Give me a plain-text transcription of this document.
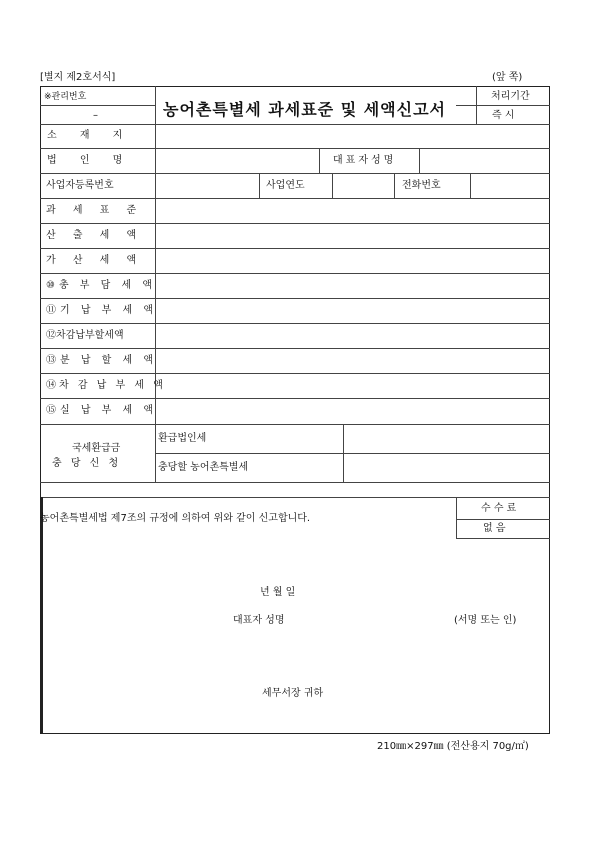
[별지 제2호서식]	(앞 쪽)
※관리번호
–	농어촌특별세 과세표준 및 세액신고서
처리기간
즉 시
소 재 지
법 인 명	대표자성명
사업자등록번호	사업연도	전화번호
과 세 표 준
산 출 세 액
가 산 세 액
⑩총 부 담 세 액
⑪기 납 부 세 액
⑫차감납부할세액
⑬분 납 할 세 액
⑭차 감 납 부 세 액
⑮실 납 부 세 액
국세환급금
충 당 신 청
환급법인세
충당할 농어촌특별세
농어촌특별세법 제7조의 규정에 의하여 위와 같이 신고합니다.
수 수 료
없 음
년 월 일
대표자 성명	(서명 또는 인)
세무서장 귀하
210㎜×297㎜ (전산용지 70g/㎡)
